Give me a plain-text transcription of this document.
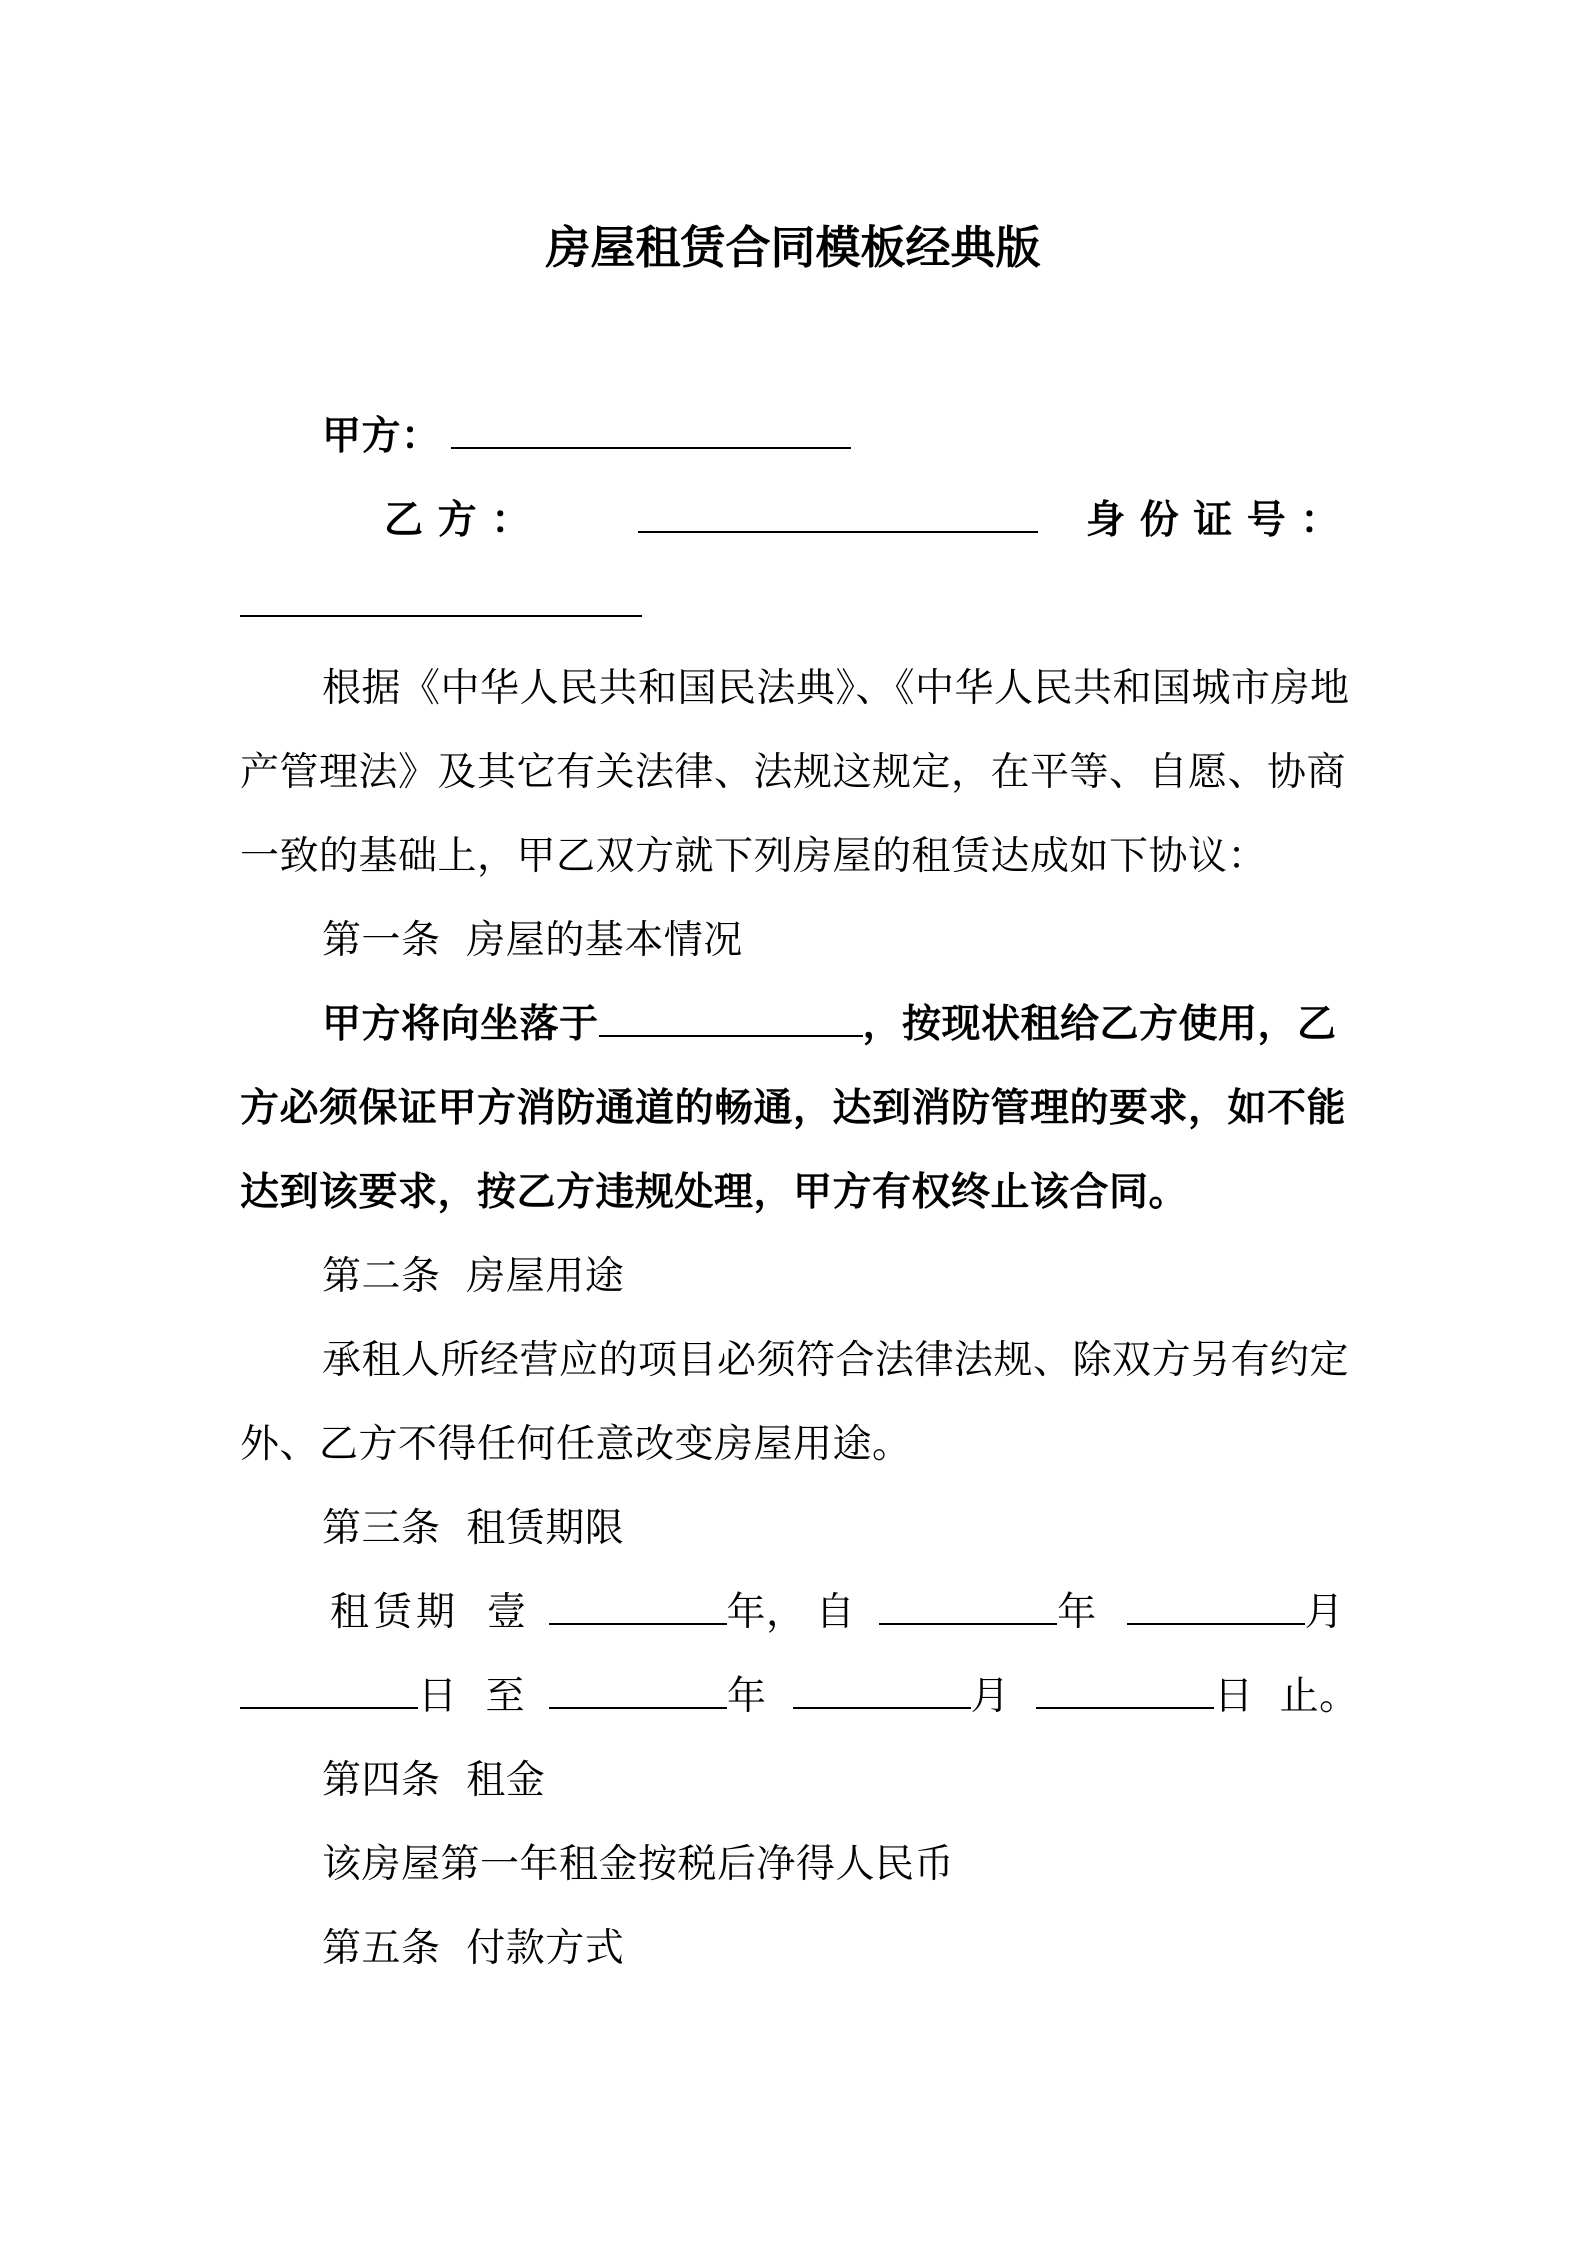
房屋租赁合同模板经典版
甲方：
乙 方 ：	身 份 证 号 ：
根据《中华人民共和国民法典》、《中华人民共和国城市房地
产管理法》及其它有关法律、法规这规定，在平等、自愿、协商
一致的基础上，甲乙双方就下列房屋的租赁达成如下协议：
第一条  房屋的基本情况
甲方将向坐落于	，按现状租给乙方使用，乙
方必须保证甲方消防通道的畅通，达到消防管理的要求，如不能
达到该要求，按乙方违规处理，甲方有权终止该合同。
第二条  房屋用途
承租人所经营应的项目必须符合法律法规、除双方另有约定
外、乙方不得任何任意改变房屋用途。
第三条  租赁期限
租赁期 壹	年， 自	年	月
日 至	年	月	日 止。
第四条  租金
该房屋第一年租金按税后净得人民币
第五条  付款方式
